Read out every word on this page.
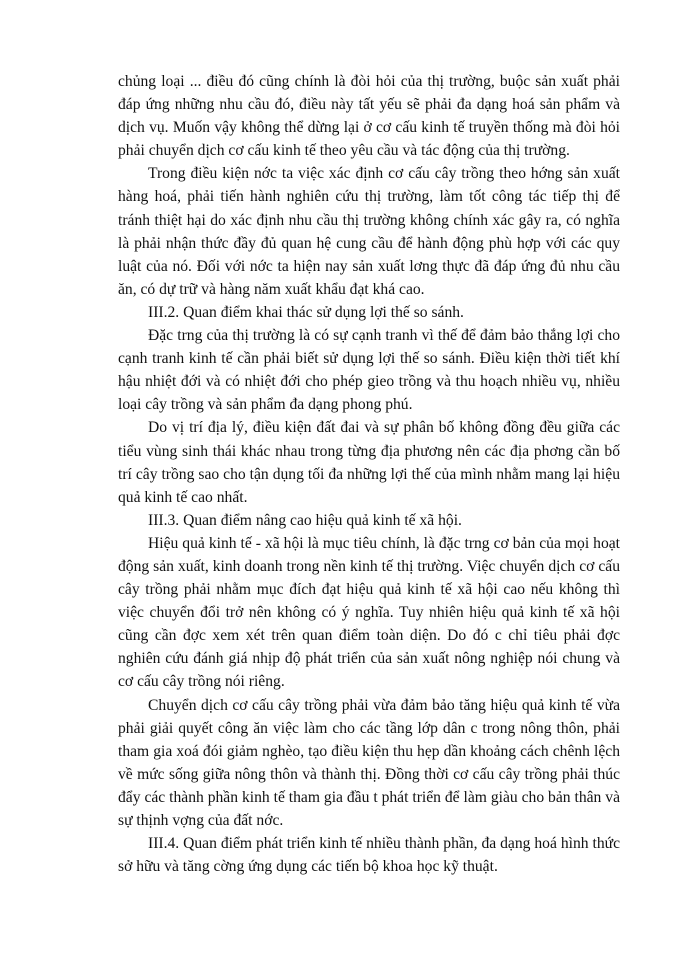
chủng loại ... điều đó cũng chính là đòi hỏi của thị trường, buộc sản xuất phải đáp ứng những nhu cầu đó, điều này tất yếu sẽ phải đa dạng hoá sản phẩm và dịch vụ. Muốn vậy không thể dừng lại ở cơ cấu kinh tế truyền thống mà đòi hỏi phải chuyển dịch cơ cấu kinh tế theo yêu cầu và tác động của thị trường.

Trong điều kiện nớc ta việc xác định cơ cấu cây trồng theo hớng sản xuất hàng hoá, phải tiến hành nghiên cứu thị trường, làm tốt công tác tiếp thị để tránh thiệt hại do xác định nhu cầu thị trường không chính xác gây ra, có nghĩa là phải nhận thức đầy đủ quan hệ cung cầu để hành động phù hợp với các quy luật của nó. Đối với nớc ta hiện nay sản xuất lơng thực đã đáp ứng đủ nhu cầu ăn, có dự trữ và hàng năm xuất khẩu đạt khá cao.

III.2. Quan điểm khai thác sử dụng lợi thế so sánh.

Đặc trng của thị trường là có sự cạnh tranh vì thế để đảm bảo thắng lợi cho cạnh tranh kinh tế cần phải biết sử dụng lợi thế so sánh. Điều kiện thời tiết khí hậu nhiệt đới và có nhiệt đới cho phép gieo trồng và thu hoạch nhiều vụ, nhiều loại cây trồng và sản phẩm đa dạng phong phú.

Do vị trí địa lý, điều kiện đất đai và sự phân bố không đồng đều giữa các tiểu vùng sinh thái khác nhau trong từng địa phương nên các địa phơng cần bố trí cây trồng sao cho tận dụng tối đa những lợi thế của mình nhằm mang lại hiệu quả kinh tế cao nhất.

III.3. Quan điểm nâng cao hiệu quả kinh tế xã hội.

Hiệu quả kinh tế - xã hội là mục tiêu chính, là đặc trng cơ bản của mọi hoạt động sản xuất, kinh doanh trong nền kinh tế thị trường. Việc chuyển dịch cơ cấu cây trồng phải nhằm mục đích đạt hiệu quả kinh tế xã hội cao nếu không thì việc chuyển đổi trở nên không có ý nghĩa. Tuy nhiên hiệu quả kinh tế xã hội cũng cần đợc xem xét trên quan điểm toàn diện. Do đó c chỉ tiêu phải đợc nghiên cứu đánh giá nhịp độ phát triển của sản xuất nông nghiệp nói chung và cơ cấu cây trồng nói riêng.

Chuyển dịch cơ cấu cây trồng phải vừa đảm bảo tăng hiệu quả kinh tế vừa phải giải quyết công ăn việc làm cho các tầng lớp dân c trong nông thôn, phải tham gia xoá đói giảm nghèo, tạo điều kiện thu hẹp dần khoảng cách chênh lệch về mức sống giữa nông thôn và thành thị. Đồng thời cơ cấu cây trồng phải thúc đẩy các thành phần kinh tế tham gia đầu t phát triển để làm giàu cho bản thân và sự thịnh vợng của đất nớc.

III.4. Quan điểm phát triển kinh tế nhiều thành phần, đa dạng hoá hình thức sở hữu và tăng cờng ứng dụng các tiến bộ khoa học kỹ thuật.
